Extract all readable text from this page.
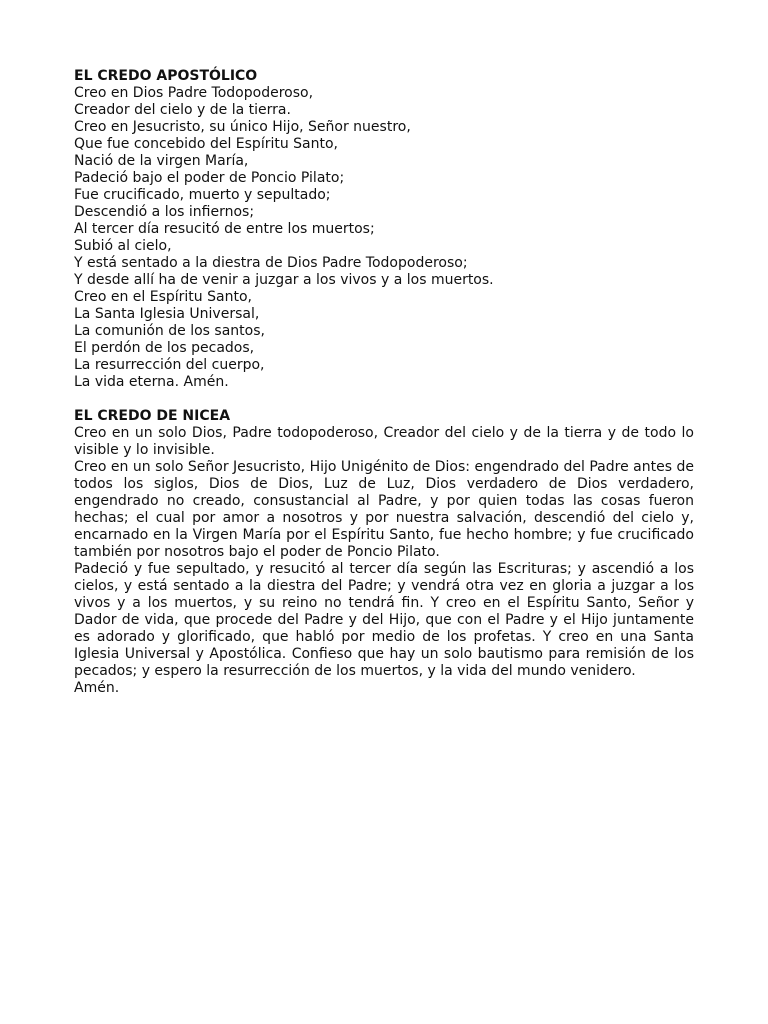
EL CREDO APOSTÓLICO
Creo en Dios Padre Todopoderoso,
Creador del cielo y de la tierra.
Creo en Jesucristo, su único Hijo, Señor nuestro,
Que fue concebido del Espíritu Santo,
Nació de la virgen María,
Padeció bajo el poder de Poncio Pilato;
Fue crucificado, muerto y sepultado;
Descendió a los infiernos;
Al tercer día resucitó de entre los muertos;
Subió al cielo,
Y está sentado a la diestra de Dios Padre Todopoderoso;
Y desde allí ha de venir a juzgar a los vivos y a los muertos.
Creo en el Espíritu Santo,
La Santa Iglesia Universal,
La comunión de los santos,
El perdón de los pecados,
La resurrección del cuerpo,
La vida eterna. Amén.
EL CREDO DE NICEA

Creo en un solo Dios, Padre todopoderoso, Creador del cielo y de la tierra y de todo lo visible y lo invisible.

Creo en un solo Señor Jesucristo, Hijo Unigénito de Dios: engendrado del Padre antes de todos los siglos, Dios de Dios, Luz de Luz, Dios verdadero de Dios verdadero, engendrado no creado, consustancial al Padre, y por quien todas las cosas fueron hechas; el cual por amor a nosotros y por nuestra salvación, descendió del cielo y, encarnado en la Virgen María por el Espíritu Santo, fue hecho hombre; y fue crucificado también por nosotros bajo el poder de Poncio Pilato.

Padeció y fue sepultado, y resucitó al tercer día según las Escrituras; y ascendió a los cielos, y está sentado a la diestra del Padre; y vendrá otra vez en gloria a juzgar a los vivos y a los muertos, y su reino no tendrá fin. Y creo en el Espíritu Santo, Señor y Dador de vida, que procede del Padre y del Hijo, que con el Padre y el Hijo juntamente es adorado y glorificado, que habló por medio de los profetas. Y creo en una Santa Iglesia Universal y Apostólica. Confieso que hay un solo bautismo para remisión de los pecados; y espero la resurrección de los muertos, y la vida del mundo venidero.

Amén.
